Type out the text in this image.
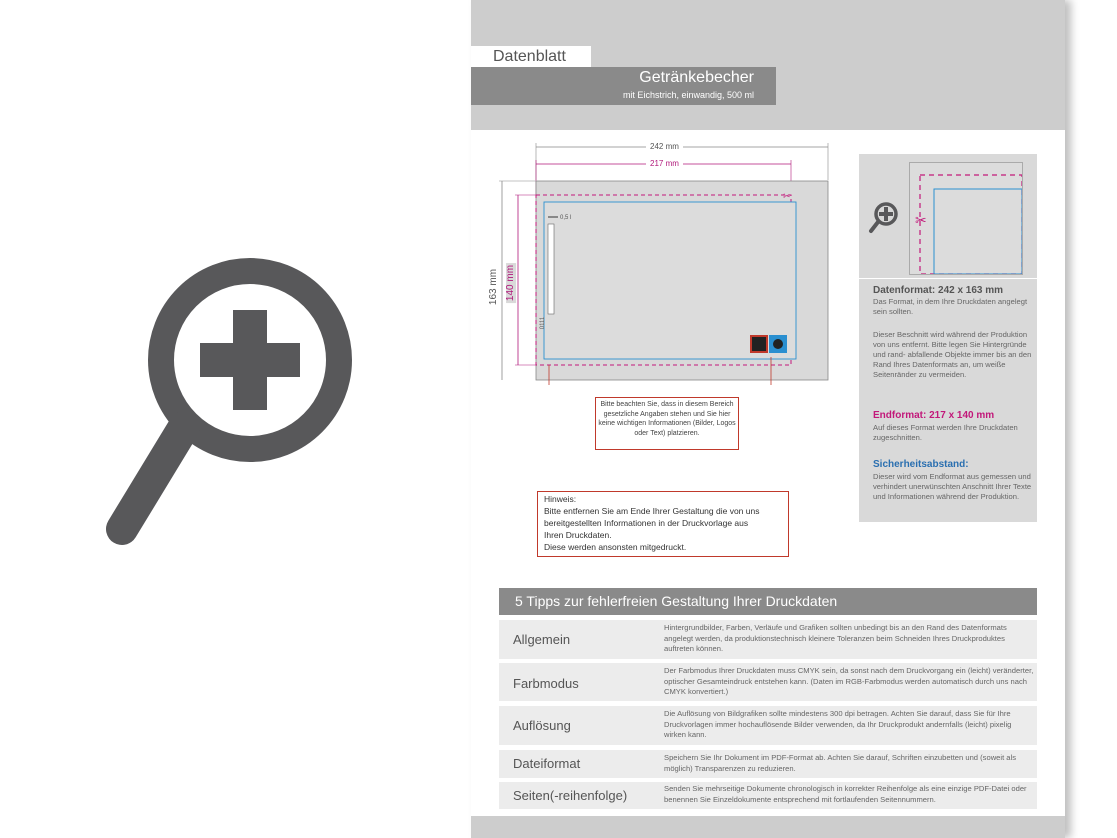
Datenblatt
Getränkebecher
mit Eichstrich, einwandig, 500 ml
✂
242 mm
217 mm
163 mm 140 mm
0,5 l
0111
Bitte beachten Sie, dass in diesem Bereich gesetzliche Angaben stehen und Sie hier keine wichtigen Informationen (Bilder, Logos oder Text) platzieren.
Hinweis:
Bitte entfernen Sie am Ende Ihrer Gestaltung die von uns
bereitgestellten Informationen in der Druckvorlage aus
Ihren Druckdaten.
Diese werden ansonsten mitgedruckt.
✂
Datenformat: 242 x 163 mm
Das Format, in dem Ihre Druckdaten angelegt sein sollten.
Dieser Beschnitt wird während der Produktion von uns entfernt. Bitte legen Sie Hintergründe und rand- abfallende Objekte immer bis an den Rand Ihres Datenformats an, um weiße Seitenränder zu vermeiden.
Endformat: 217 x 140 mm
Auf dieses Format werden Ihre Druckdaten zugeschnitten.
Sicherheitsabstand:
Dieser wird vom Endformat aus gemessen und verhindert unerwünschten Anschnitt Ihrer Texte und Informationen während der Produktion.
5 Tipps zur fehlerfreien Gestaltung Ihrer Druckdaten
Allgemein
Hintergrundbilder, Farben, Verläufe und Grafiken sollten unbedingt bis an den Rand des Datenformats angelegt werden, da produktionstechnisch kleinere Toleranzen beim Schneiden Ihres Druckproduktes auftreten können.
Farbmodus
Der Farbmodus Ihrer Druckdaten muss CMYK sein, da sonst nach dem Druckvorgang ein (leicht) veränderter, optischer Gesamteindruck entstehen kann. (Daten im RGB-Farbmodus werden automatisch durch uns nach CMYK konvertiert.)
Auflösung
Die Auflösung von Bildgrafiken sollte mindestens 300 dpi betragen. Achten Sie darauf, dass Sie für Ihre Druckvorlagen immer hochauflösende Bilder verwenden, da Ihr Druckprodukt andernfalls (leicht) pixelig wirken kann.
Dateiformat	Speichern Sie Ihr Dokument im PDF-Format ab. Achten Sie darauf, Schriften einzubetten und (soweit als möglich) Transparenzen zu reduzieren.
Seiten(-reihenfolge)	Senden Sie mehrseitige Dokumente chronologisch in korrekter Reihenfolge als eine einzige PDF-Datei oder benennen Sie Einzeldokumente entsprechend mit fortlaufenden Seitennummern.
